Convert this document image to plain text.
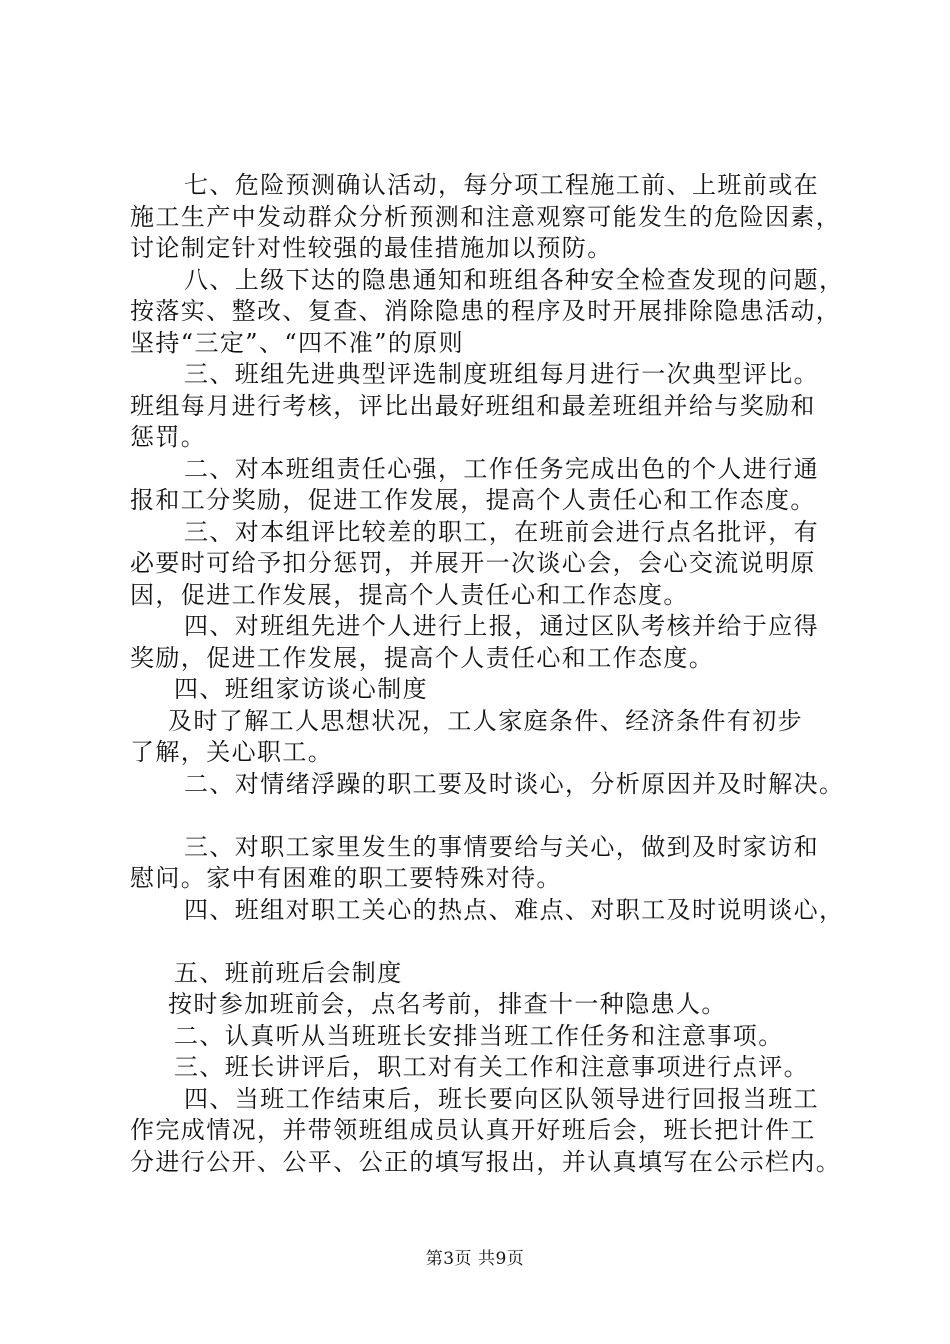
七、危险预测确认活动，每分项工程施工前、上班前或在
施工生产中发动群众分析预测和注意观察可能发生的危险因素，
讨论制定针对性较强的最佳措施加以预防。
八、上级下达的隐患通知和班组各种安全检查发现的问题，
按落实、整改、复查、消除隐患的程序及时开展排除隐患活动，
坚持“三定”、“四不准”的原则
三、班组先进典型评选制度班组每月进行一次典型评比。
班组每月进行考核，评比出最好班组和最差班组并给与奖励和
惩罚。
二、对本班组责任心强，工作任务完成出色的个人进行通
报和工分奖励，促进工作发展，提高个人责任心和工作态度。
三、对本组评比较差的职工，在班前会进行点名批评，有
必要时可给予扣分惩罚，并展开一次谈心会，会心交流说明原
因，促进工作发展，提高个人责任心和工作态度。
四、对班组先进个人进行上报，通过区队考核并给于应得
奖励，促进工作发展，提高个人责任心和工作态度。
四、班组家访谈心制度
及时了解工人思想状况，工人家庭条件、经济条件有初步
了解，关心职工。
二、对情绪浮躁的职工要及时谈心，分析原因并及时解决。
三、对职工家里发生的事情要给与关心，做到及时家访和
慰问。家中有困难的职工要特殊对待。
四、班组对职工关心的热点、难点、对职工及时说明谈心，
五、班前班后会制度
按时参加班前会，点名考前，排查十一种隐患人。
二、认真听从当班班长安排当班工作任务和注意事项。
三、班长讲评后，职工对有关工作和注意事项进行点评。
四、当班工作结束后，班长要向区队领导进行回报当班工
作完成情况，并带领班组成员认真开好班后会，班长把计件工
分进行公开、公平、公正的填写报出，并认真填写在公示栏内。
第3页 共9页
